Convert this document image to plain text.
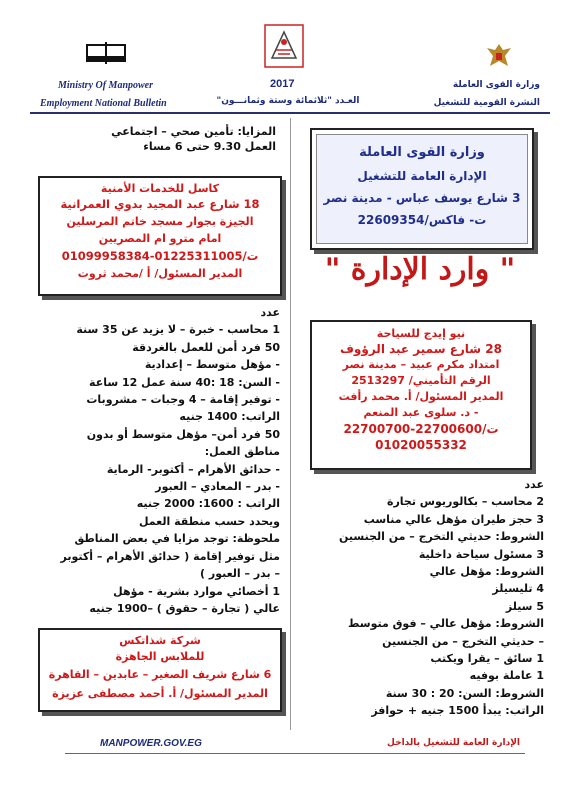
Ministry Of Manpower
Employment National Bulletin
2017
العـدد "ثلاثمائة وستة وثمانـــون"
وزارة القوى العاملة
النشرة القومية للتشغيل
وزارة القوى العاملة
الإدارة العامة للتشغيل
3 شارع يوسف عباس - مدينة نصر
ت- فاكس/22609354
" وارد الإدارة "
نيو إيدج للسياحة
28 شارع سمير عبد الرؤوف
امتداد مكرم عبيد – مدينة نصر
الرقم التأميني/ 2513297
المدير المسئول/ أ. محمد رأفت
- د. سلوى عبد المنعم
ت/22700600-22700700
01020055332
عدد
2 محاسب – بكالوريوس تجارة
3 حجز طيران مؤهل عالي مناسب
الشروط: حديثي التخرج – من الجنسين
3 مسئول سياحة داخلية
الشروط: مؤهل عالي
4 تليسيلز
5 سيلز
الشروط: مؤهل عالي – فوق متوسط
– حديثي التخرج – من الجنسين
1 سائق – يقرا ويكتب
1 عاملة بوفيه
الشروط: السن: 20 : 30 سنة
الراتب: يبدأ 1500 جنيه + حوافز
المزايا: تأمين صحي – اجتماعي
العمل 9.30 حتى 6 مساء
كاسل للخدمات الأمنية
18 شارع عبد المجيد بدوي العمرانية
الجيزة بجوار مسجد خاتم المرسلين
امام مترو ام المصريين
ت/01225311005-01099958384
المدير المسئول/ أ /محمد ثروت
عدد
1 محاسب - خبرة – لا يزيد عن 35 سنة
50 فرد أمن للعمل بالغردقة
- مؤهل متوسط – إعدادية
- السن: 18 :40 سنة عمل 12 ساعة
- توفير إقامة – 4 وجبات – مشروبات
الراتب: 1400 جنيه
50 فرد أمن– مؤهل متوسط أو بدون
مناطق العمل:
- حدائق الأهرام – أكتوبر- الرماية
- بدر – المعادي – العبور
الراتب : 1600: 2000 جنيه
ويحدد حسب منطقة العمل
ملحوظة: توجد مزايا في بعض المناطق
مثل توفير إقامة ( حدائق الأهرام – أكتوبر
– بدر – العبور )
1 أخصائي موارد بشرية - مؤهل
عالي ( تجارة – حقوق ) –1900 جنيه
شركة شذاتكس
للملابس الجاهزة
6 شارع شريف الصغير – عابدين – القاهرة
المدير المسئول/ أ. أحمد مصطفى عزيزة
MANPOWER.GOV.EG	الإدارة العامة للتشغيل بالداخل
